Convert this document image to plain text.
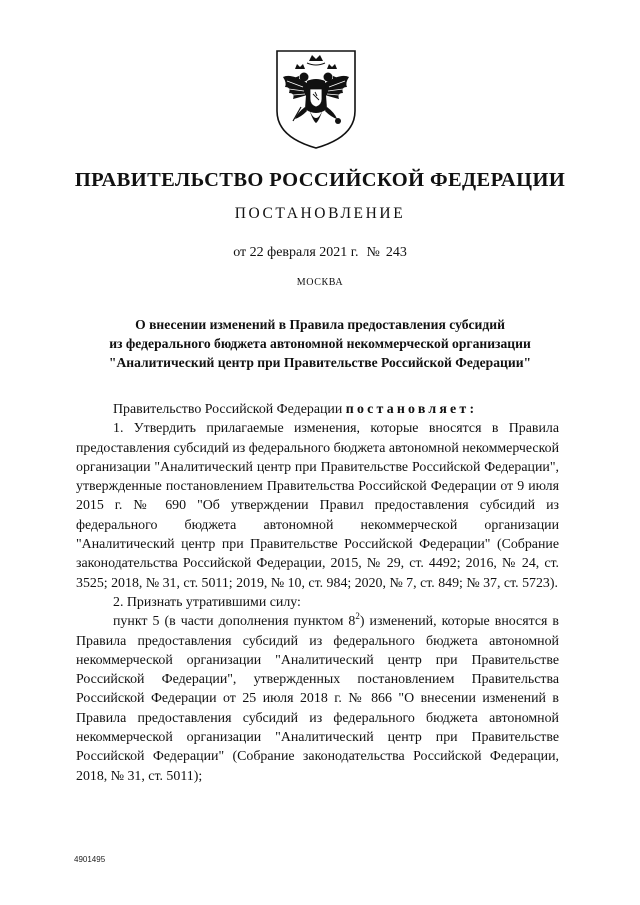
ПРАВИТЕЛЬСТВО РОССИЙСКОЙ ФЕДЕРАЦИИ
ПОСТАНОВЛЕНИЕ
от 22 февраля 2021 г. № 243
МОСКВА
О внесении изменений в Правила предоставления субсидий
из федерального бюджета автономной некоммерческой организации
"Аналитический центр при Правительстве Российской Федерации"

Правительство Российской Федерации постановляет:

1. Утвердить прилагаемые изменения, которые вносятся в Правила предоставления субсидий из федерального бюджета автономной некоммерческой организации "Аналитический центр при Правительстве Российской Федерации", утвержденные постановлением Правительства Российской Федерации от 9 июля 2015 г. № 690 "Об утверждении Правил предоставления субсидий из федерального бюджета автономной некоммерческой организации "Аналитический центр при Правительстве Российской Федерации" (Собрание законодательства Российской Федерации, 2015, № 29, ст. 4492; 2016, № 24, ст. 3525; 2018, № 31, ст. 5011; 2019, № 10, ст. 984; 2020, № 7, ст. 849; № 37, ст. 5723).

2. Признать утратившими силу:

пункт 5 (в части дополнения пунктом $8^2$) изменений, которые вносятся в Правила предоставления субсидий из федерального бюджета автономной некоммерческой организации "Аналитический центр при Правительстве Российской Федерации", утвержденных постановлением Правительства Российской Федерации от 25 июля 2018 г. № 866 "О внесении изменений в Правила предоставления субсидий из федерального бюджета автономной некоммерческой организации "Аналитический центр при Правительстве Российской Федерации" (Собрание законодательства Российской Федерации, 2018, № 31, ст. 5011);

4901495
